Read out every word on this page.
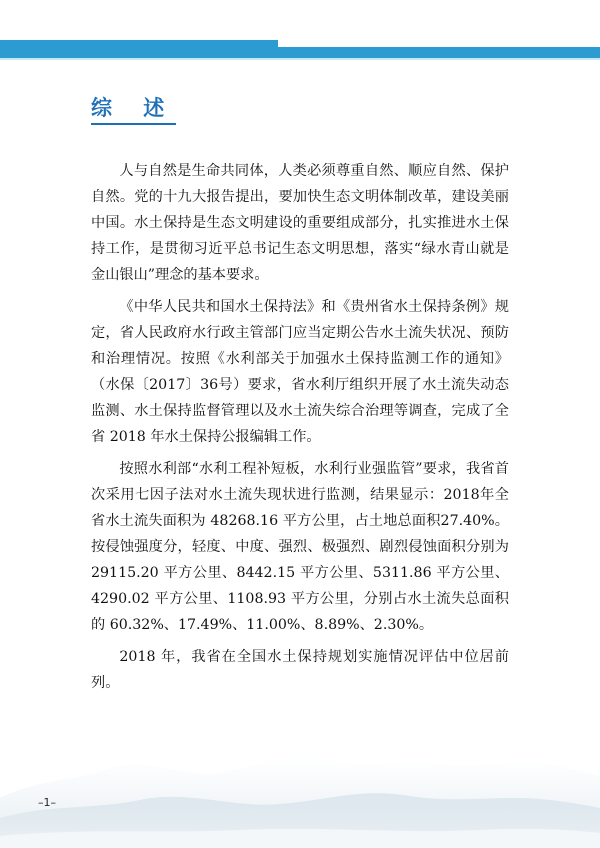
综 述

人与自然是生命共同体，人类必须尊重自然、顺应自然、保护自然。党的十九大报告提出，要加快生态文明体制改革，建设美丽中国。水土保持是生态文明建设的重要组成部分，扎实推进水土保持工作，是贯彻习近平总书记生态文明思想，落实“绿水青山就是金山银山”理念的基本要求。

《中华人民共和国水土保持法》和《贵州省水土保持条例》规定，省人民政府水行政主管部门应当定期公告水土流失状况、预防和治理情况。按照《水利部关于加强水土保持监测工作的通知》（水保〔2017〕36号）要求，省水利厅组织开展了水土流失动态监测、水土保持监督管理以及水土流失综合治理等调查，完成了全省 2018 年水土保持公报编辑工作。

按照水利部“水利工程补短板，水利行业强监管”要求，我省首次采用七因子法对水土流失现状进行监测，结果显示：2018年全省水土流失面积为 48268.16 平方公里，占土地总面积27.40%。按侵蚀强度分，轻度、中度、强烈、极强烈、剧烈侵蚀面积分别为 29115.20 平方公里、8442.15 平方公里、5311.86 平方公里、4290.02 平方公里、1108.93 平方公里，分别占水土流失总面积的 60.32%、17.49%、11.00%、8.89%、2.30%。

2018 年，我省在全国水土保持规划实施情况评估中位居前列。

–1–
